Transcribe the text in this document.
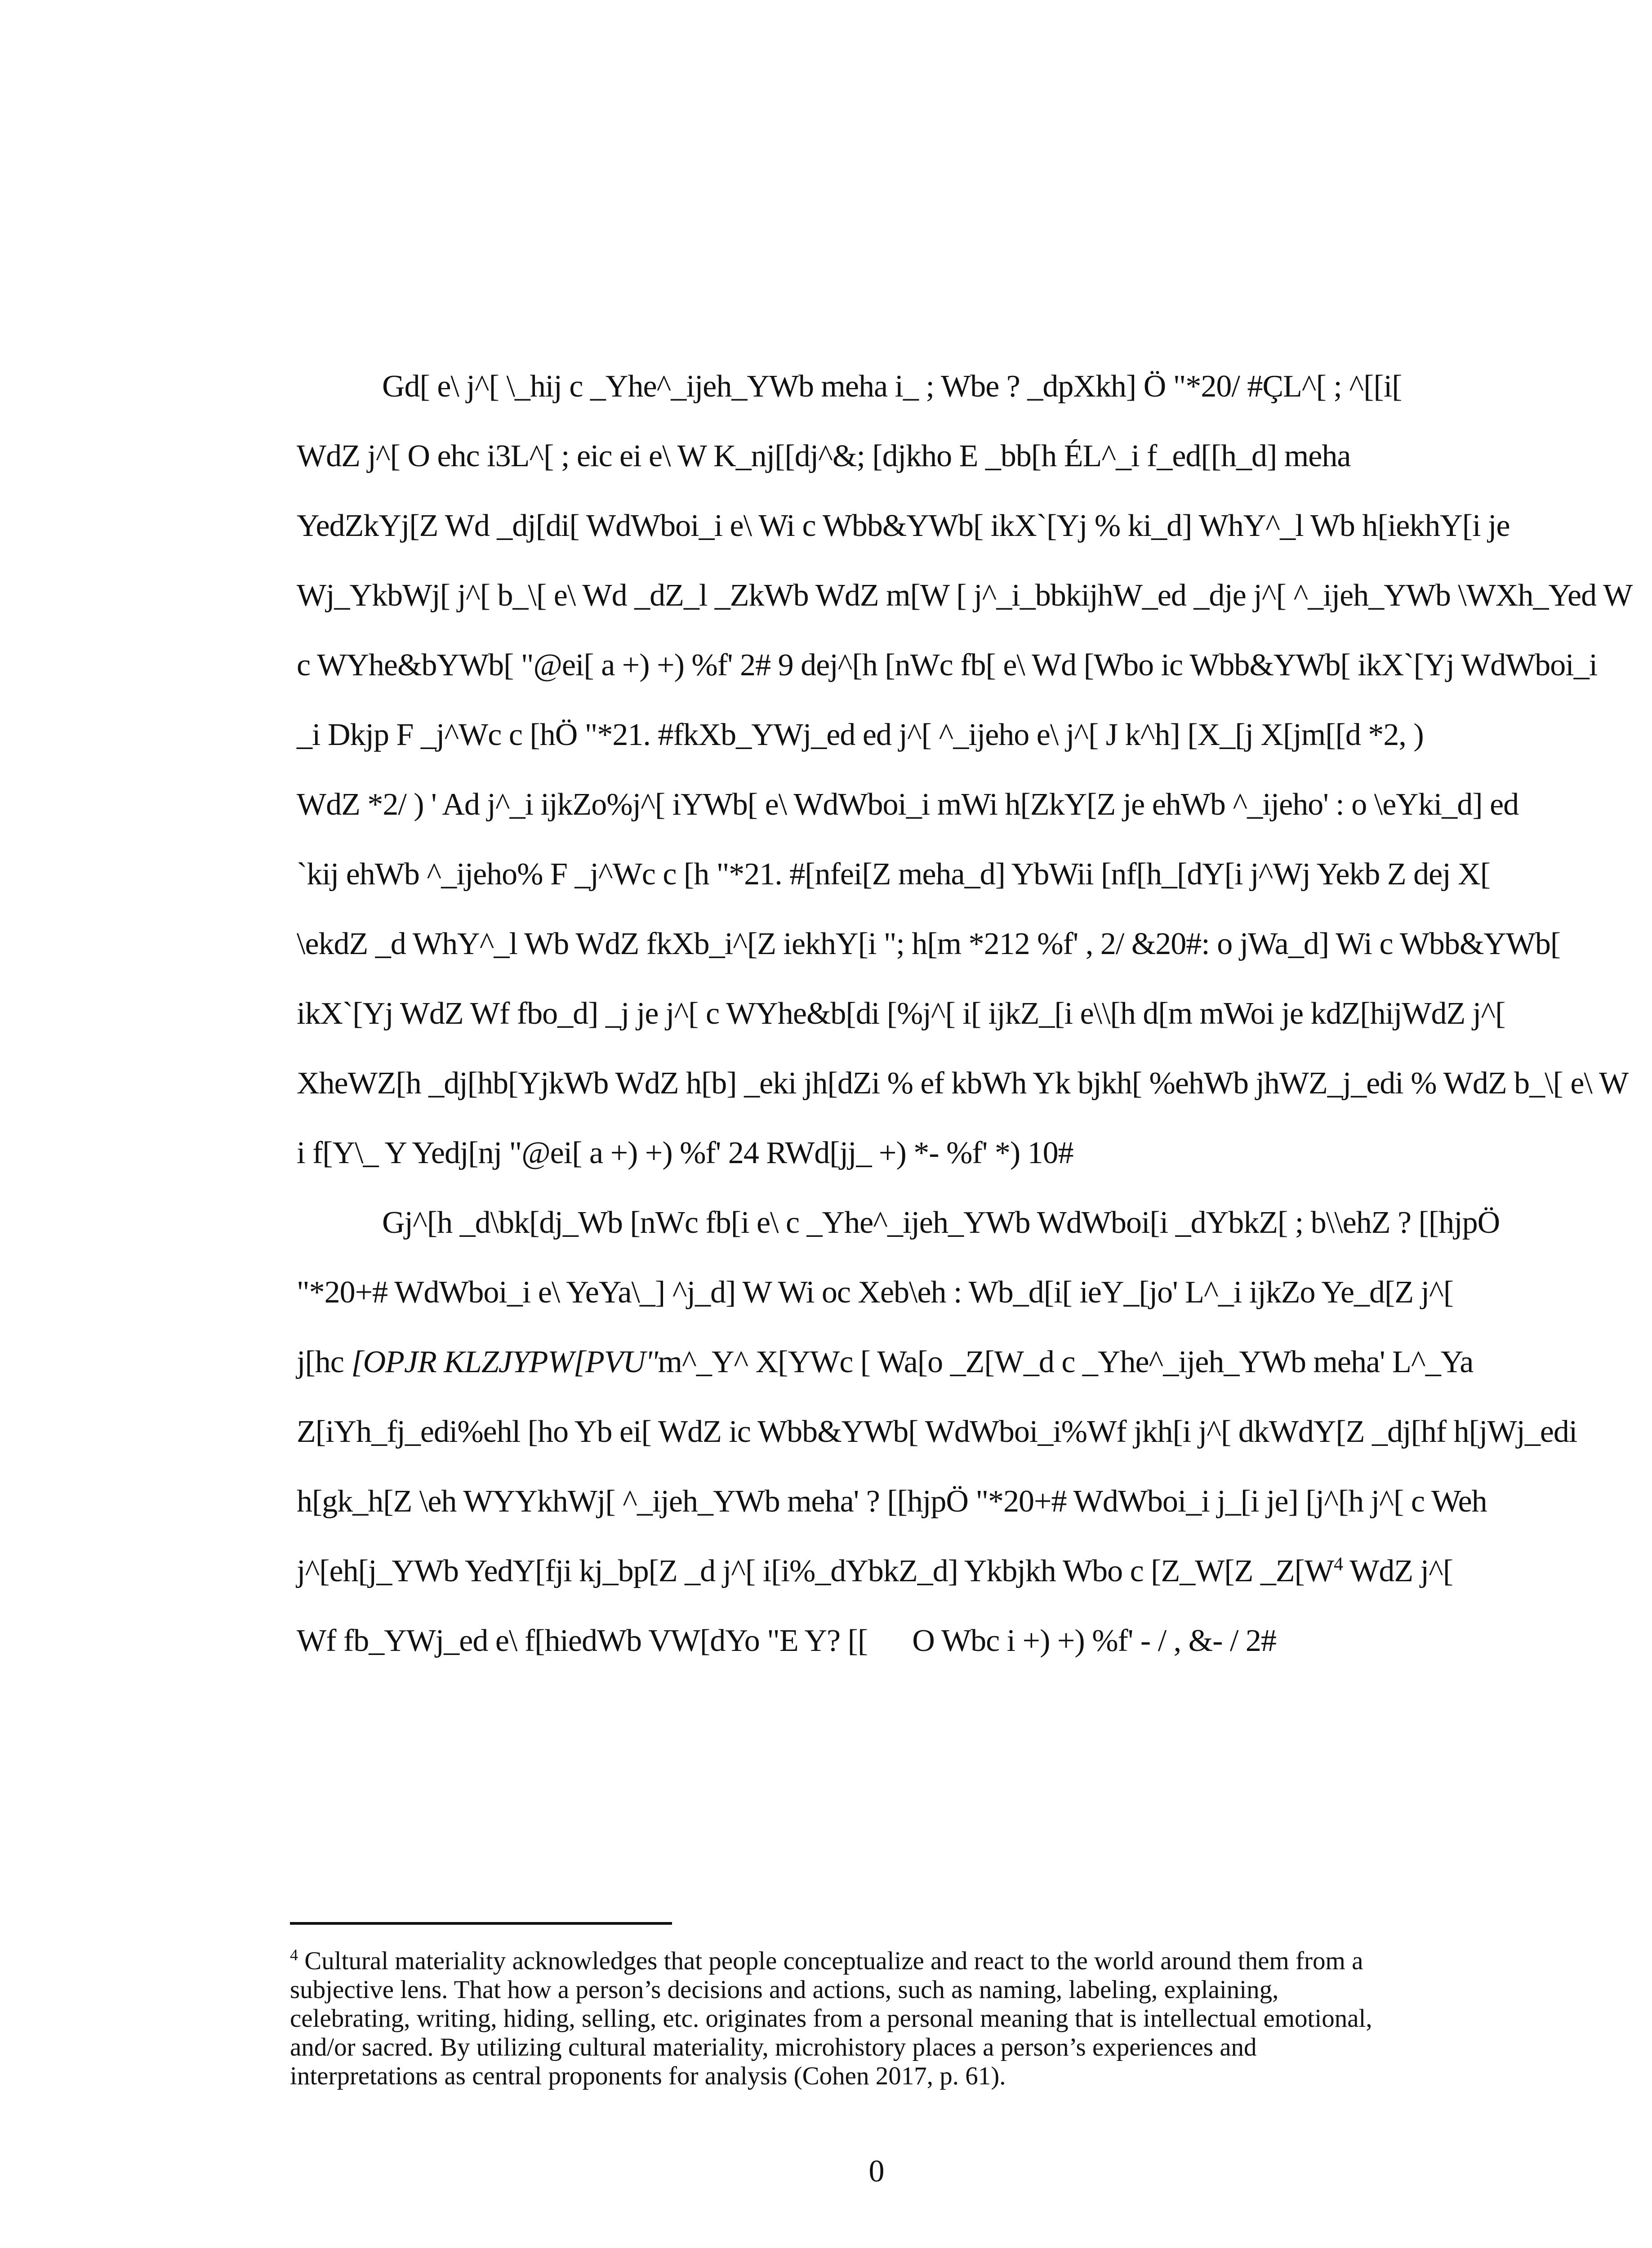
Gd[ e\ j^[ \_hij c _Yhe^_ijeh_YWb meha i_ ; Wbe ? _dpXkh] Ö "*20/ #ÇL^[ ; ^[[i[
WdZ j^[ O ehc i3L^[ ; eic ei e\ W K_nj[[dj^&; [djkho E _bb[h ÉL^_i f_ed[[h_d] meha
YedZkYj[Z Wd _dj[di[ WdWboi_i e\ Wi c Wbb&YWb[ ikX`[Yj % ki_d] WhY^_l Wb h[iekhY[i je
Wj_YkbWj[ j^[ b_\[ e\ Wd _dZ_l _ZkWb WdZ m[W [ j^_i_bbkijhW_ed _dje j^[ ^_ijeh_YWb \WXh_Yed W
c WYhe&bYWb[ "@ei[ a +) +) %f' 2# 9 dej^[h [nWc fb[ e\ Wd [Wbo ic Wbb&YWb[ ikX`[Yj WdWboi_i
_i Dkjp F _j^Wc c [hÖ "*21. #fkXb_YWj_ed ed j^[ ^_ijeho e\ j^[ J k^h] [X_[j X[jm[[d *2, )
WdZ *2/ ) ' Ad j^_i ijkZo%j^[ iYWb[ e\ WdWboi_i mWi h[ZkY[Z je ehWb ^_ijeho' : o \eYki_d] ed
`kij ehWb ^_ijeho% F _j^Wc c [h "*21. #[nfei[Z meha_d] YbWii [nf[h_[dY[i j^Wj Yekb Z dej X[
\ekdZ _d WhY^_l Wb WdZ fkXb_i^[Z iekhY[i "; h[m *212 %f' , 2/ &20#: o jWa_d] Wi c Wbb&YWb[
ikX`[Yj WdZ Wf fbo_d] _j je j^[ c WYhe&b[di [%j^[ i[ ijkZ_[i e\\[h d[m mWoi je kdZ[hijWdZ j^[
XheWZ[h _dj[hb[YjkWb WdZ h[b] _eki jh[dZi % ef kbWh Yk bjkh[ %ehWb jhWZ_j_edi % WdZ b_\[ e\ W
i f[Y\_ Y Yedj[nj "@ei[ a +) +) %f' 24 RWd[jj_ +) *- %f' *) 10#
Gj^[h _d\bk[dj_Wb [nWc fb[i e\ c _Yhe^_ijeh_YWb WdWboi[i _dYbkZ[ ; b\\ehZ ? [[hjpÖ
"*20+# WdWboi_i e\ YeYa\_] ^j_d] W Wi oc Xeb\eh : Wb_d[i[ ieY_[jo' L^_i ijkZo Ye_d[Z j^[
j[hc [OPJR KLZJYPW[PVU"m^_Y^ X[YWc [ Wa[o _Z[W_d c _Yhe^_ijeh_YWb meha' L^_Ya
Z[iYh_fj_edi%ehl [ho Yb ei[ WdZ ic Wbb&YWb[ WdWboi_i%Wf jkh[i j^[ dkWdY[Z _dj[hf h[jWj_edi
h[gk_h[Z \eh WYYkhWj[ ^_ijeh_YWb meha' ? [[hjpÖ "*20+# WdWboi_i j_[i je] [j^[h j^[ c Weh
j^[eh[j_YWb YedY[fji kj_bp[Z _d j^[ i[i%_dYbkZ_d] Ykbjkh Wbo c [Z_W[Z $\_Z[W^4$ WdZ j^[
Wf fb_YWj_ed e\ f[hiedWb VW[dYo "E Y? [[      O Wbc i +) +) %f' - / , &- / 2#
$^4$ Cultural materiality acknowledges that people conceptualize and react to the world around them from a subjective lens. That how a person’s decisions and actions, such as naming, labeling, explaining, celebrating, writing, hiding, selling, etc. originates from a personal meaning that is intellectual emotional, and/or sacred. By utilizing cultural materiality, microhistory places a person’s experiences and interpretations as central proponents for analysis (Cohen 2017, p. 61).
0
